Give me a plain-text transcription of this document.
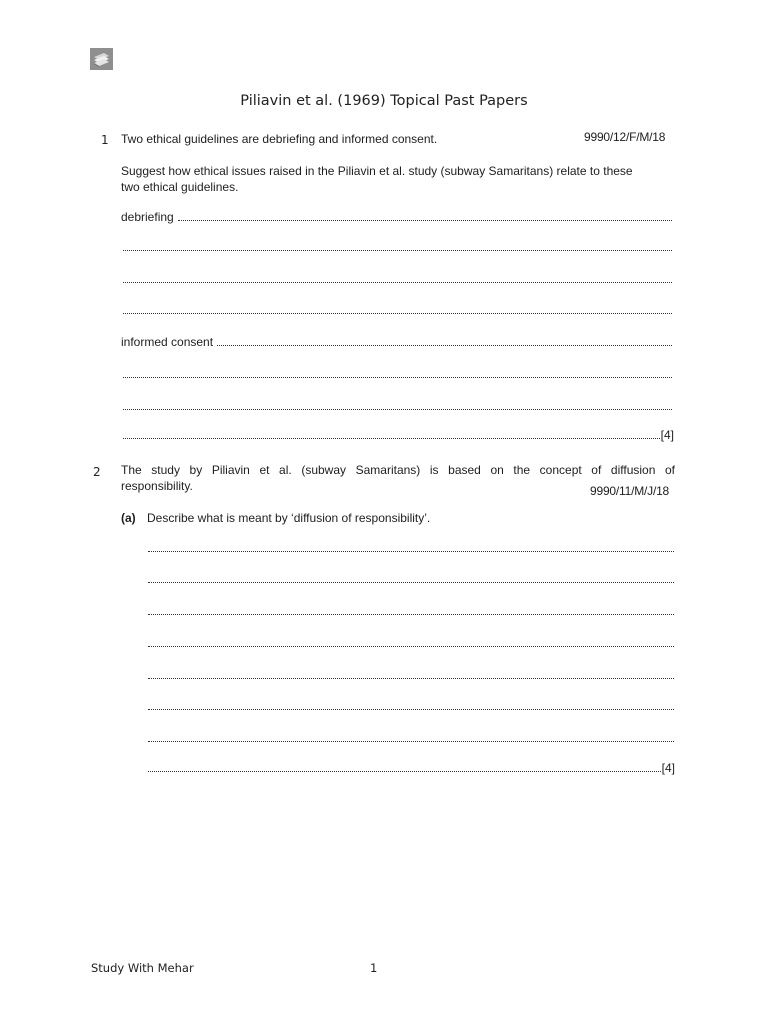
Piliavin et al. (1969) Topical Past Papers
1 Two ethical guidelines are debriefing and informed consent.	9990/12/F/M/18
Suggest how ethical issues raised in the Piliavin et al. study (subway Samaritans) relate to these
two ethical guidelines.
debriefing
informed consent
[4]
2 The study by Piliavin et al. (subway Samaritans) is based on the concept of diffusion of
responsibility.	9990/11/M/J/18
(a) Describe what is meant by ‘diffusion of responsibility’.
[4]
Study With Mehar	1
